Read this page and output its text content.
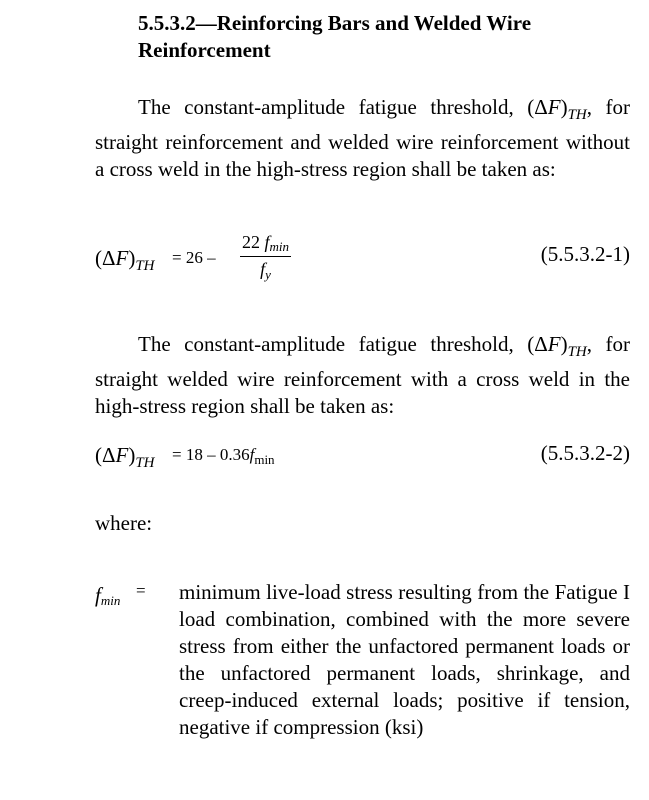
5.5.3.2—Reinforcing Bars and Welded Wire Reinforcement

The constant-amplitude fatigue threshold, $(\Delta F)_{TH}$, for straight reinforcement and welded wire reinforcement without a cross weld in the high-stress region shall be taken as:

$(\Delta F)_{TH} = 26$ –
22 $f_{min}$
$f_y$
(5.5.3.2-1)

The constant-amplitude fatigue threshold, $(\Delta F)_{TH}$, for straight welded wire reinforcement with a cross weld in the high-stress region shall be taken as:

$(\Delta F)_{TH} = 18 - 0.36f_{min}$	(5.5.3.2-2)
where:
$f_{min}$
= minimum live-load stress resulting from the Fatigue I load combination, combined with the more severe stress from either the unfactored permanent loads or the unfactored permanent loads, shrinkage, and creep-induced external loads; positive if tension, negative if compression (ksi)
